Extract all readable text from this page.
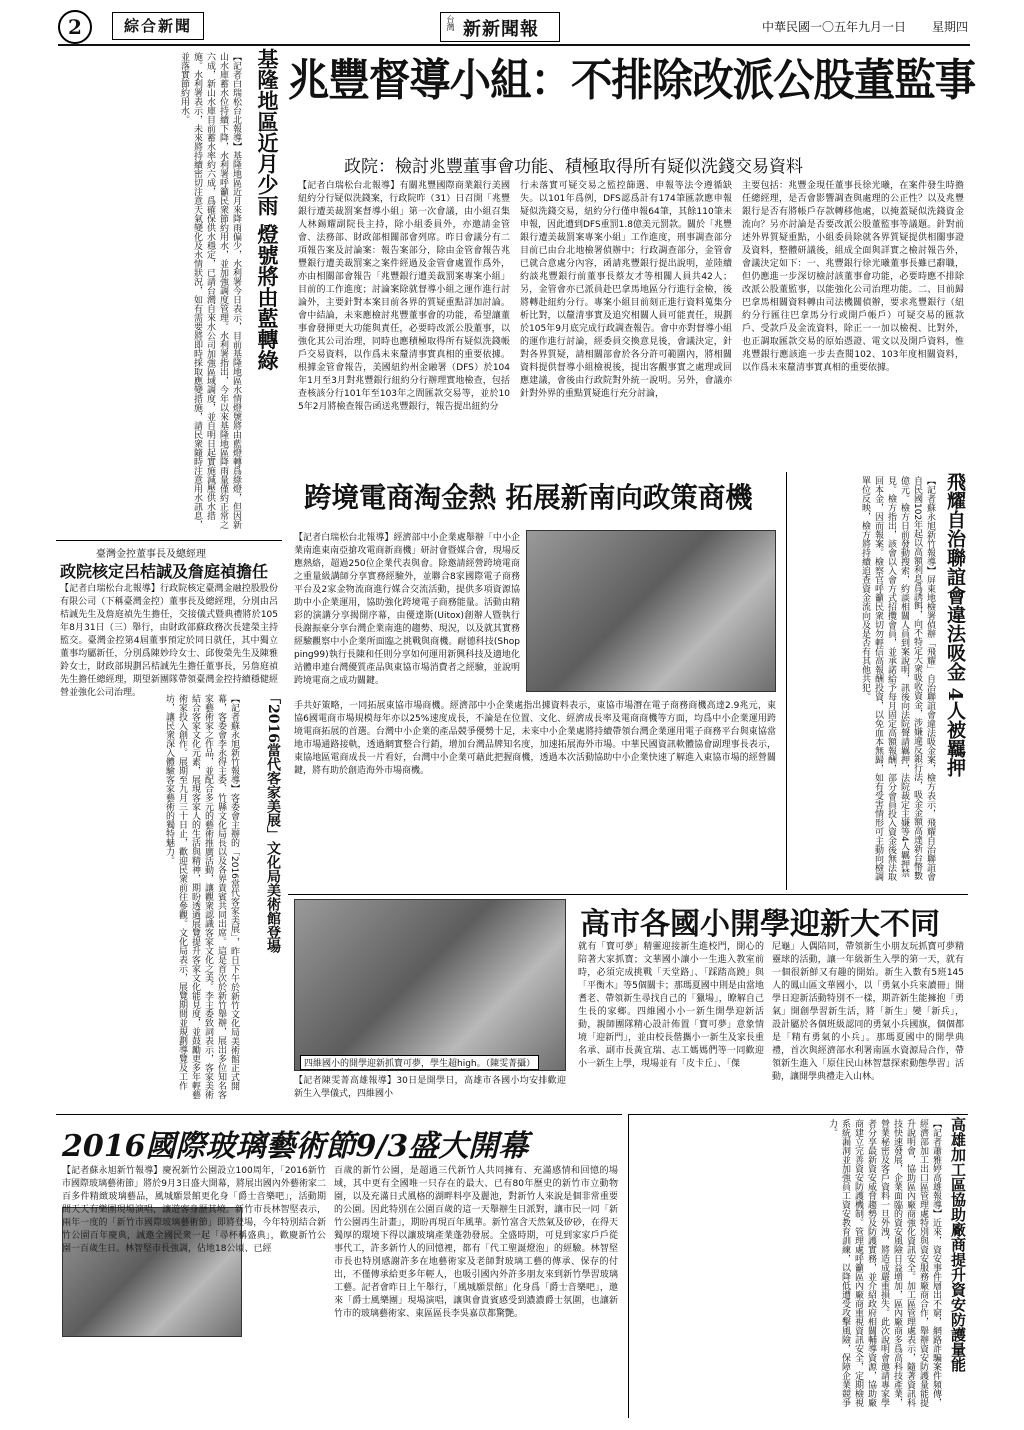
2	綜合新聞	台灣 新新聞報	中華民國一〇五年九月一日 星期四
基隆地區近月少雨 燈號將由藍轉綠
【記者白瑞松台北報導】基隆地區近月來降雨偏少，水利署今日表示，目前基隆地區水情燈號將由藍燈轉爲綠燈，但因新山水庫蓄水位持續下降，水利署呼籲民衆節約用水，並加強調度管理。水利署指出，今年以來基隆地區降雨量僅約正常之六成，新山水庫目前蓄水率約六成，爲確保供水穩定，已請台灣自來水公司加強區域調度，並自明日起實施減壓供水措施。水利署表示，未來將持續密切注意天氣變化及水情狀況，如有需要將即時採取應變措施，請民衆隨時注意用水訊息，並落實節約用水。	兆豐督導小組：不排除改派公股董監事
政院：檢討兆豐董事會功能、積極取得所有疑似洗錢交易資料
【記者白瑞松台北報導】有關兆豐國際商業銀行美國紐約分行疑似洗錢案，行政院昨（31）日召開「兆豐銀行遭美裁罰案督導小組」第一次會議，由小組召集人林錫耀副院長主持，除小組委員外，亦邀請金管會、法務部、財政部相關部會列席。昨日會議分有二項報告案及討論案：報告案部分，除由金管會報告兆豐銀行遭美裁罰案之案件經過及金管會處置作爲外，亦由相關部會報告「兆豐銀行遭美裁罰案專案小組」目前的工作進度；討論案除就督導小組之運作進行討論外，主要針對本案目前各界的質疑重點詳加討論。會中結論，未來應檢討兆豐董事會的功能，希望讓董事會發揮更大功能與責任，必要時改派公股董事，以強化其公司治理，同時也應積極取得所有疑似洗錢帳戶交易資料，以作爲未來釐清事實真相的重要依據。根據金管會報告，美國紐約州金融署（DFS）於104年1月至3月對兆豐銀行紐約分行辦理實地檢查，包括查核該分行101年至103年之間匯款交易等，並於105年2月將檢查報告函送兆豐銀行，報告提出紐約分
行未落實可疑交易之監控篩選、申報等法令遵循缺失。以101年爲例，DFS認爲計有174筆匯款應申報疑似洗錢交易，紐約分行僅申報64筆，其餘110筆未申報，因此遭到DFS重罰1.8億美元罰款。關於「兆豐銀行遭美裁罰案專案小組」工作進度，刑事調查部分目前已由台北地檢署偵辦中；行政調查部分，金管會已就合意處分內容，函請兆豐銀行提出說明，並陸續約談兆豐銀行前董事長蔡友才等相關人員共42人；另，金管會亦已派員赴巴拿馬地區分行進行金檢，後將轉赴紐約分行。專案小組目前刻正進行資料蒐集分析比對，以釐清事實及追究相關人員可能責任，規劃於105年9月底完成行政調查報告。會中亦對督導小組的運作進行討論，經委員交換意見後，會議決定，針對各界質疑，請相關部會於各分許可範圍內，將相關資料提供督導小組檢視後，提出客觀事實之處理或回應建議，會後由行政院對外統一說明。另外，會議亦針對外界的重點質疑進行充分討論，
主要包括：兆豐金現任董事長徐光曦，在案件發生時擔任總經理，是否會影響調查與處理的公正性？以及兆豐銀行是否有將帳戶存款轉移他處，以掩蓋疑似洗錢資金流向？另亦討論是否要改派公股董監事等議題。針對前述外界質疑重點，小組委員除就各界質疑提供相關事證及資料，整體研議後，組成全面與詳實之檢討報告外，會議決定如下：一、兆豐銀行徐光曦董事長雖已辭職，但仍應進一步深切檢討該董事會功能，必要時應不排除改派公股董監事，以能強化公司治理功能。二、目前歸巴拿馬相關資料轉由司法機關偵辦，要求兆豐銀行（紐約分行匯往巴拿馬分行或開戶帳戶）可疑交易的匯款戶、受款戶及金流資料，除正一一加以檢視、比對外，也正調取匯款交易的原始憑證、電文以及開戶資料，惟兆豐銀行應該進一步去查閱102、103年度相關資料，以作爲未來釐清事實真相的重要依據。
臺灣金控董事長及總經理
政院核定呂桔誠及詹庭禎擔任
【記者白瑞松台北報導】行政院核定臺灣金融控股股份有限公司（下稱臺灣金控）董事長及總經理，分別由呂桔誠先生及詹庭禎先生擔任，交接儀式暨典禮將於105年8月31日（三）舉行，由財政部蘇政務次長建榮主持監交。臺灣金控第4屆董事預定於同日就任，其中獨立董事均屬新任，分別爲陳妙玲女士、邱俊榮先生及陳雅鈴女士，財政部規劃呂桔誠先生擔任董事長，另詹庭禎先生擔任總經理，期望新團隊帶領臺灣金控持續穩健經營並強化公司治理。	「2016當代客家美展」文化局美術館登場
【記者蘇永旭新竹報導】客委會主辦的「2016當代客家美展」，昨日下午於新竹文化局美術館正式開幕，客委會李永得主委、竹縣文化局長以及各界貴賓共同出席。這是首次於新竹舉辦，展出多位知名客家藝術家之作品，並配合多元的藝術推廣活動，讓觀衆認識客家文化之美。李主委致詞表示，客家美術結合客家文化元素，展現客家人的生活與精神，期盼透過展覽提升客家文化能見度，並鼓勵更多年輕藝術家投入創作。展期至九月三十日止，歡迎民衆前往參觀。文化局表示，展覽期間並規劃導覽及工作坊，讓民衆深入體驗客家藝術的獨特魅力。
跨境電商淘金熱 拓展新南向政策商機
【記者白瑞松台北報導】經濟部中小企業處舉辦「中小企業南進東南亞搶攻電商新商機」研討會暨媒合會，現場反應熱絡，超過250位企業代表與會。除邀請經營跨境電商之重量級講師分享實務經驗外，並聯合8家國際電子商務平台及2家金物流商進行媒合交流活動，提供多項資源協助中小企業運用，協助強化跨境電子商務能量。活動由精彩的演講分享揭開序幕，由優達斯(Uitox)創辦人暨執行長謝振豪分享台灣企業南進的趨勢、現況，以及就其實務經驗觀察中小企業所面臨之挑戰與商機。耐德科技(Shopping99)執行長陳和任則分享如何運用新興科技及適地化站體串連台灣優質產品與東協市場消費者之經驗，並說明跨境電商之成功關鍵。
手共好策略，一同拓展東協市場商機。經濟部中小企業處指出據資料表示，東協市場潛在電子商務商機高達2.9兆元，東協6國電商市場規模每年亦以25%速度成長，不論是在位置、文化、經濟成長率及電商商機等方面，均爲中小企業運用跨境電商拓展的首選。台灣中小企業的產品競爭優勢十足，未來中小企業處將持續帶領台灣企業運用電子商務平台與東協當地市場通路接軌，透過網實整合行銷，增加台灣品牌知名度，加速拓展海外市場。中華民國資訊軟體協會副理事長表示，東協地區電商成長一片看好，台灣中小企業可藉此把握商機，透過本次活動協助中小企業快速了解進入東協市場的經營關鍵，將有助於創造海外市場商機。	飛耀自治聯誼會違法吸金 4人被羈押
【記者蘇永旭新竹報導】屏東地檢署偵辦「飛耀」自治聯誼會違法吸金案，檢方表示，飛耀自治聯誼會自民國102年起以高額利息爲誘餌，向不特定大衆吸收資金，涉嫌違反銀行法，吸金金額高達新台幣數億元。檢方日前發動搜索，約談相關人員到案說明，訊後向法院聲請羈押，法院裁定主嫌等4人羈押禁見。檢方指出，該會以入會方式招攬會員，並承諾給予每月固定高額報酬，部分會員投入資金後無法取回本金，因而報案。檢察官呼籲民衆切勿輕信高報酬投資，以免血本無歸，如有受害情形可主動向檢調單位反映，檢方將持續追查資金流向及是否有其他共犯。
高市各國小開學迎新大不同
四維國小的開學迎新抓寶可夢，學生超high。（陳雯菁攝）
【記者陳雯菁高雄報導】30日是開學日，高雄市各國小均安排歡迎新生入學儀式，四維國小
就有「寶可夢」精靈迎接新生進校門，開心的陪著大家抓寶；文華國小讓小一生進入教室前時，必須完成挑戰「天堂路」、「踩踏高蹺」與「平衡木」等5個關卡；那瑪夏國中則是由當地耆老、帶領新生尋找自己的「獵場」，瞭解自己生長的家鄉。四維國小小一新生開學迎新活動，親師團隊精心設計佈置「寶可夢」意象情境「迎新門」，並由校長偕攜小一新生及家長重名承、副市長黃宜瑞、志工媽媽們等一同歡迎小一新生上學，現場並有「皮卡丘」、「傑
尼龜」人偶陪同，帶領新生小朋友玩抓寶可夢精靈球的活動，讓一年級新生入學的第一天，就有一個很新鮮又有趣的開始。新生入數有5班145人的鳳山區文華國小，以「勇氣小兵來讀冊」開學日迎新活動特別不一樣，期許新生能擁抱「勇氣」開創學習新生活，將「新生」變「新兵」，設計屬於各個班級認同的勇氣小兵國旗，個個都是「精有勇氣的小兵」。那瑪夏國中的開學典禮，首次與經濟部水利署南區水資源局合作，帶領新生進入「原住民山林智慧探索動態學習」活動，讓開學典禮走入山林。
2016國際玻璃藝術節9/3盛大開幕
【記者蘇永旭新竹報導】慶祝新竹公園設立100周年，「2016新竹市國際玻璃藝術節」將於9月3日盛大開幕，將展出國內外藝術家二百多件精緻玻璃藝品，風城願景館更化身「爵士音樂吧」，活動期間天天有樂團現場演唱，讓遊客身歷其境。新竹市長林智堅表示，兩年一度的「新竹市國際玻璃藝術節」即將登場，今年特別結合新竹公園百年慶典，誠邀全國民衆一起「尋杯稱盛典」，歡慶新竹公園一百歲生日。林智堅市長強調，佔地18公頃、已經
百歲的新竹公園，是超過三代新竹人共同擁有、充滿感情和回憶的場域，其中更有全國唯一只存在的最大、已有80年歷史的新竹市立動物園，以及充滿日式風格的湖畔料亭及麗池，對新竹人來說是個非常重要的公園。因此特別在公園百歲的這一天舉辦生日派對，讓市民一同「新竹公園再生計畫」，期盼再現百年風華。新竹富含天然氣及矽砂，在得天獨厚的環境下得以讓玻璃產業蓬勃發展。全盛時期，可見到家家戶戶從事代工，許多新竹人的回憶裡，都有「代工聖誕燈泡」的經驗。林智堅市長也特別感謝許多在地藝術家及老師對玻璃工藝的傳承、保存的付出，不僅傳承給更多年輕人，也吸引國內外許多朋友來到新竹學習玻璃工藝。記者會昨日上午舉行，「風城願景館」化身爲「爵士音樂吧」，邀來「爵士風樂團」現場演唱，讓與會貴賓感受到濃濃爵士氛圍，也讓新竹市的玻璃藝術家、東區區長李吳嘉苡都驚艷。	高雄加工區協助廠商提升資安防護量能
【記者蕭雅婷高雄報導】近來，資安事件層出不窮，網路詐騙案件頻傳，經濟部加工出口區管理處特別與資安服務廠商合作，舉辦資安防護量能提升說明會，協助區內廠商強化資訊安全。加工區管理處表示，隨著資訊科技快速發展，企業面臨的資安風險日益增加，區內廠商多爲高科技產業，營業秘密及客戶資料一旦外洩，將造成嚴重損失。此次說明會邀請專家學者分享最新資安威脅趨勢及防護實務，並介紹政府相關輔導資源，協助廠商建立完善資安防護機制。管理處呼籲區內廠商重視資訊安全，定期檢視系統漏洞並加強員工資安教育訓練，以降低遭受攻擊風險，保障企業競爭力。
